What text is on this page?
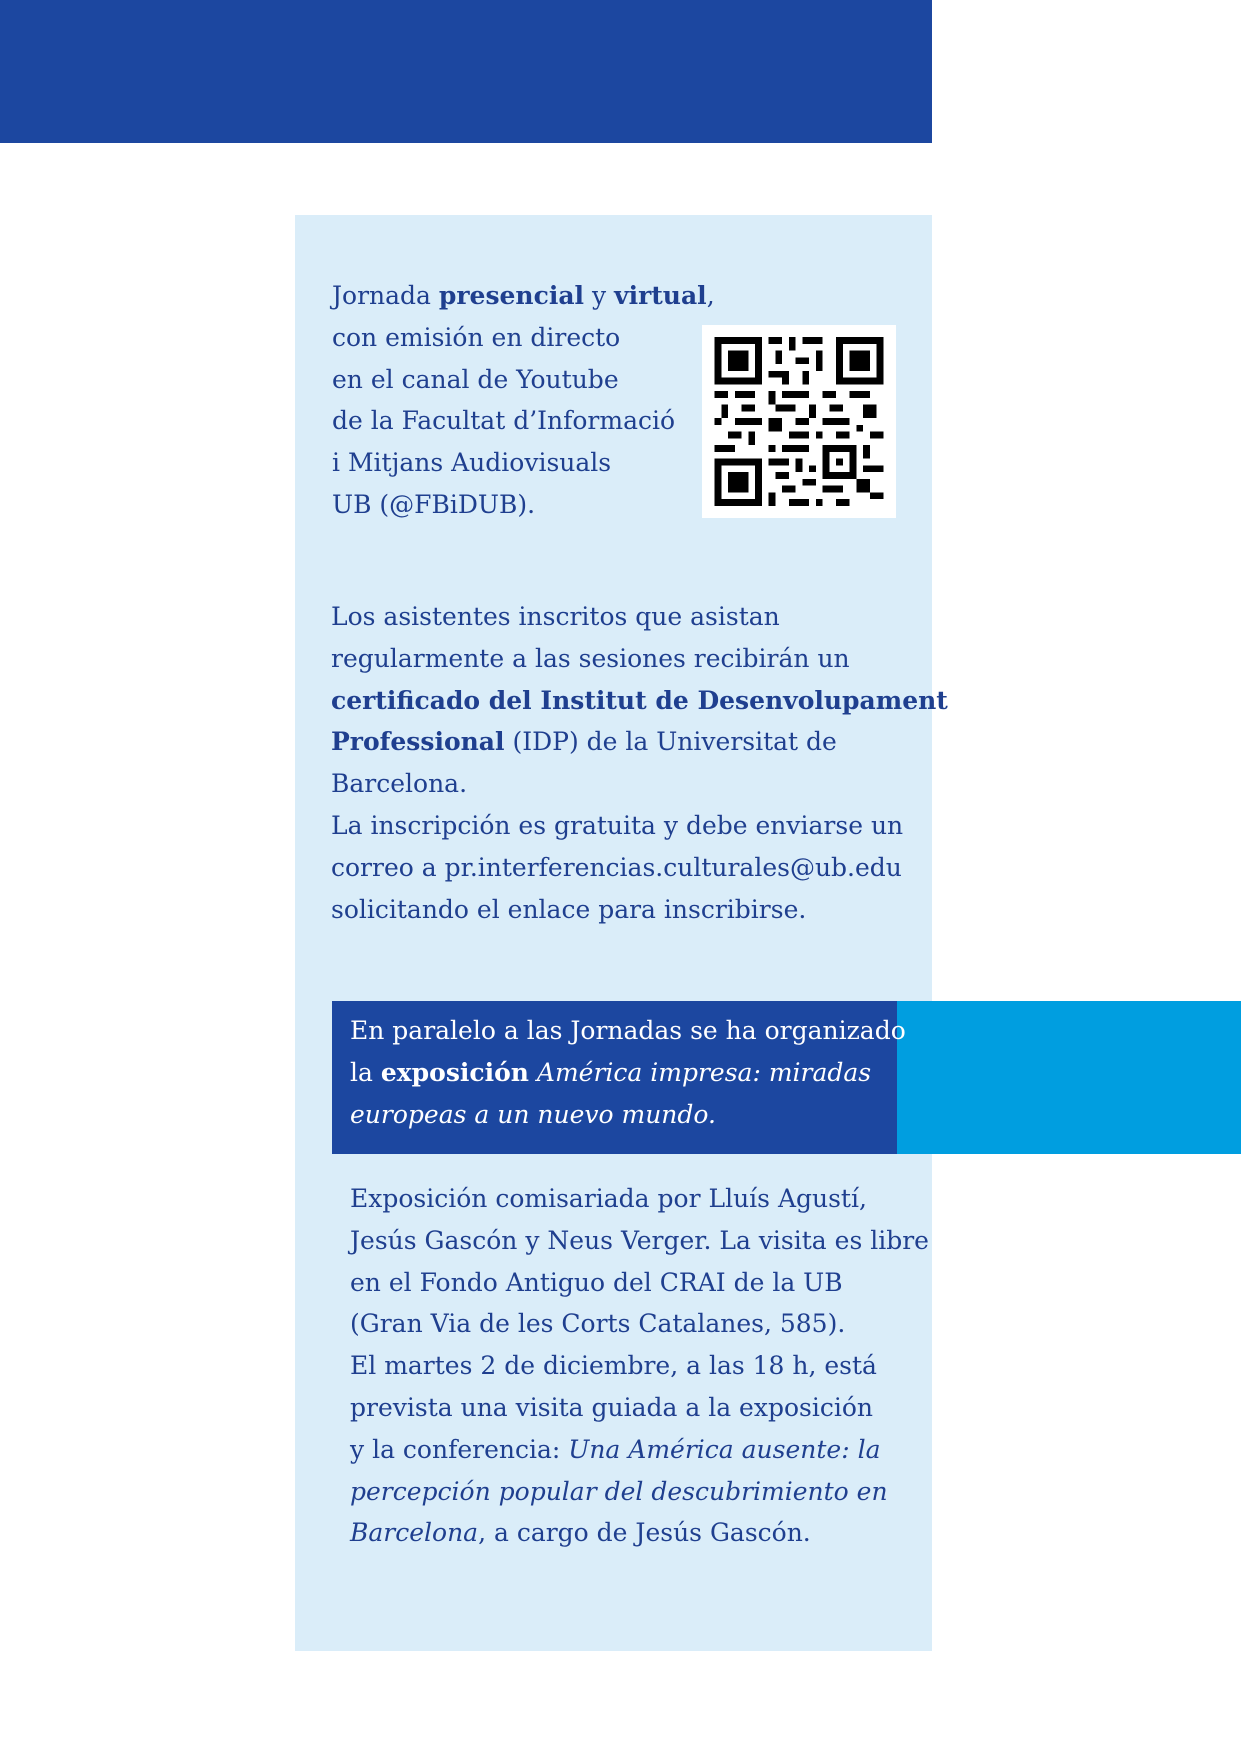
Jornada presencial y virtual,
con emisión en directo
en el canal de Youtube
de la Facultat d’Informació
i Mitjans Audiovisuals
UB (@FBiDUB).
Los asistentes inscritos que asistan
regularmente a las sesiones recibirán un
certificado del Institut de Desenvolupament
Professional (IDP) de la Universitat de
Barcelona.
La inscripción es gratuita y debe enviarse un
correo a pr.interferencias.culturales@ub.edu
solicitando el enlace para inscribirse.
En paralelo a las Jornadas se ha organizado
la exposición América impresa: miradas
europeas a un nuevo mundo.
Exposición comisariada por Lluís Agustí,
Jesús Gascón y Neus Verger. La visita es libre
en el Fondo Antiguo del CRAI de la UB
(Gran Via de les Corts Catalanes, 585).
El martes 2 de diciembre, a las 18 h, está
prevista una visita guiada a la exposición
y la conferencia: Una América ausente: la
percepción popular del descubrimiento en
Barcelona, a cargo de Jesús Gascón.
